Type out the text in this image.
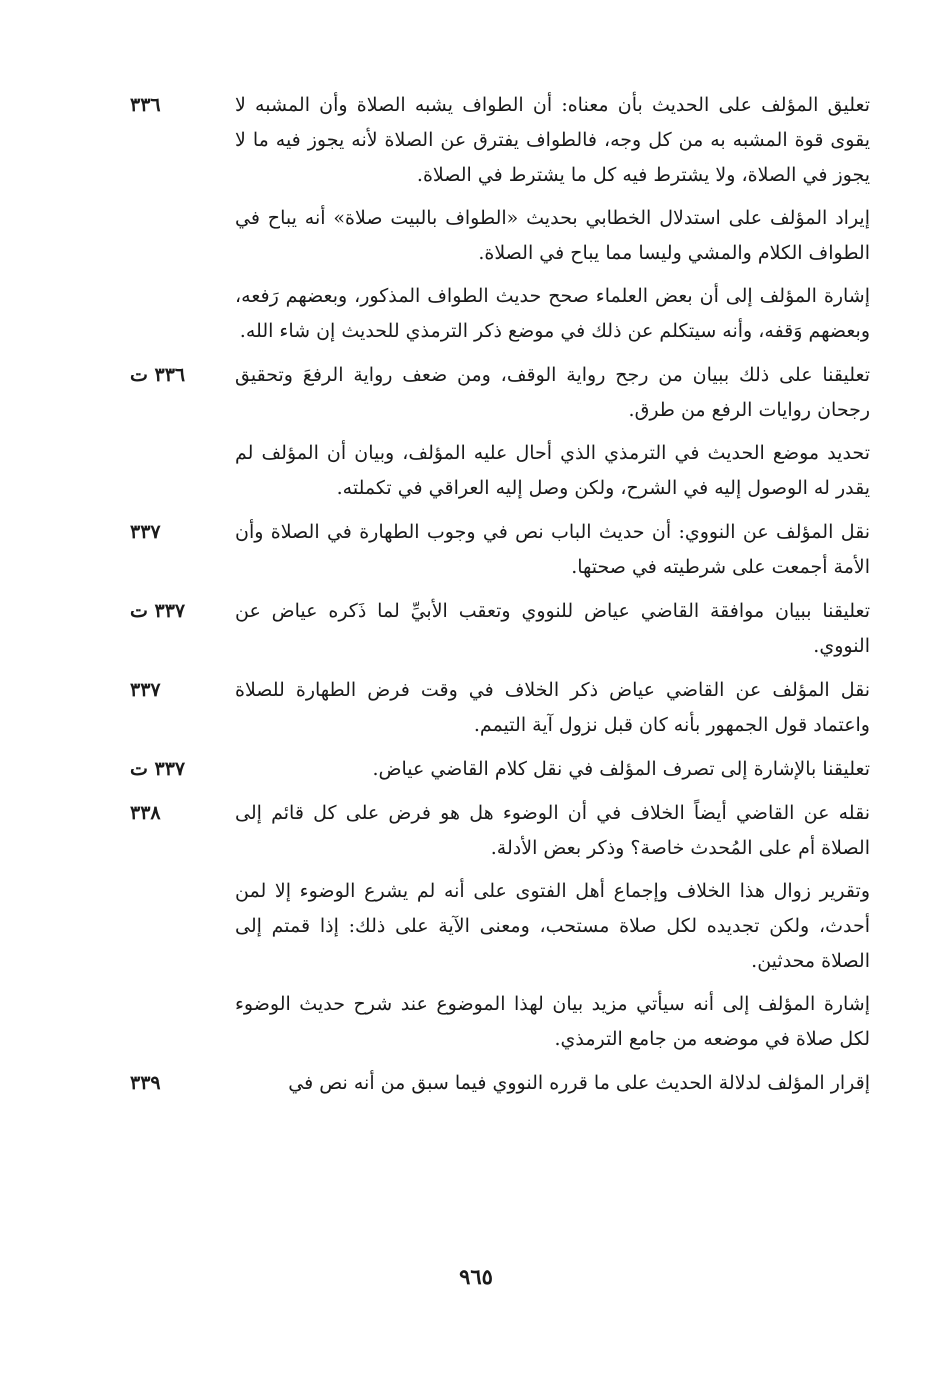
تعليق المؤلف على الحديث بأن معناه: أن الطواف يشبه الصلاة وأن المشبه لا يقوى قوة المشبه به من كل وجه، فالطواف يفترق عن الصلاة لأنه يجوز فيه ما لا يجوز في الصلاة، ولا يشترط فيه كل ما يشترط في الصلاة.
٣٣٦
إيراد المؤلف على استدلال الخطابي بحديث «الطواف بالبيت صلاة» أنه يباح في الطواف الكلام والمشي وليسا مما يباح في الصلاة.
إشارة المؤلف إلى أن بعض العلماء صحح حديث الطواف المذكور، وبعضهم رَفعه، وبعضهم وَقفه، وأنه سيتكلم عن ذلك في موضع ذكر الترمذي للحديث إن شاء الله.
تعليقنا على ذلك ببيان من رجح رواية الوقف، ومن ضعف رواية الرفعَ وتحقيق رجحان روايات الرفع من طرق.
٣٣٦ ت
تحديد موضع الحديث في الترمذي الذي أحال عليه المؤلف، وبيان أن المؤلف لم يقدر له الوصول إليه في الشرح، ولكن وصل إليه العراقي في تكملته.
نقل المؤلف عن النووي: أن حديث الباب نص في وجوب الطهارة في الصلاة وأن الأمة أجمعت على شرطيته في صحتها.
٣٣٧
تعليقنا ببيان موافقة القاضي عياض للنووي وتعقب الأبيِّ لما ذَكره عياض عن النووي.
٣٣٧ ت
نقل المؤلف عن القاضي عياض ذكر الخلاف في وقت فرض الطهارة للصلاة واعتماد قول الجمهور بأنه كان قبل نزول آية التيمم.
٣٣٧
تعليقنا بالإشارة إلى تصرف المؤلف في نقل كلام القاضي عياض.
٣٣٧ ت
نقله عن القاضي أيضاً الخلاف في أن الوضوء هل هو فرض على كل قائم إلى الصلاة أم على المُحدث خاصة؟ وذكر بعض الأدلة.
٣٣٨
وتقرير زوال هذا الخلاف وإجماع أهل الفتوى على أنه لم يشرع الوضوء إلا لمن أحدث، ولكن تجديده لكل صلاة مستحب، ومعنى الآية على ذلك: إذا قمتم إلى الصلاة محدثين.
إشارة المؤلف إلى أنه سيأتي مزيد بيان لهذا الموضوع عند شرح حديث الوضوء لكل صلاة في موضعه من جامع الترمذي.
إقرار المؤلف لدلالة الحديث على ما قرره النووي فيما سبق من أنه نص في
٣٣٩
٩٦٥
